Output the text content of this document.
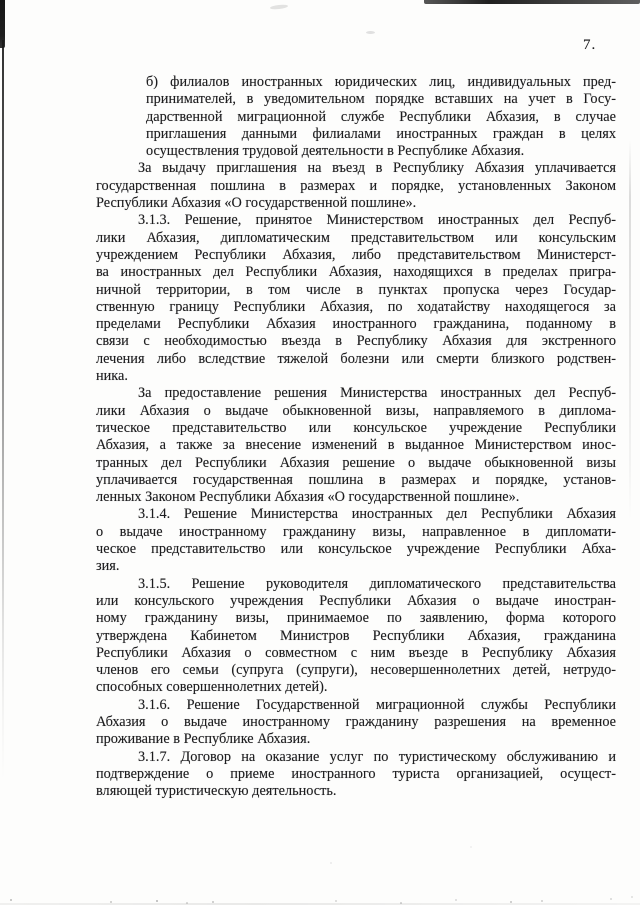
7.
б) филиалов иностранных юридических лиц, индивидуальных пред-
принимателей, в уведомительном порядке вставших на учет в Госу-
дарственной миграционной службе Республики Абхазия, в случае
приглашения данными филиалами иностранных граждан в целях
осуществления трудовой деятельности в Республике Абхазия.
За выдачу приглашения на въезд в Республику Абхазия уплачивается
государственная пошлина в размерах и порядке, установленных Законом
Республики Абхазия «О государственной пошлине».
3.1.3. Решение, принятое Министерством иностранных дел Респуб-
лики Абхазия, дипломатическим представительством или консульским
учреждением Республики Абхазия, либо представительством Министерст-
ва иностранных дел Республики Абхазия, находящихся в пределах пригра-
ничной территории, в том числе в пунктах пропуска через Государ-
ственную границу Республики Абхазия, по ходатайству находящегося за
пределами Республики Абхазия иностранного гражданина, поданному в
связи с необходимостью въезда в Республику Абхазия для экстренного
лечения либо вследствие тяжелой болезни или смерти близкого родствен-
ника.
За предоставление решения Министерства иностранных дел Респуб-
лики Абхазия о выдаче обыкновенной визы, направляемого в диплома-
тическое представительство или консульское учреждение Республики
Абхазия, а также за внесение изменений в выданное Министерством инос-
транных дел Республики Абхазия решение о выдаче обыкновенной визы
уплачивается государственная пошлина в размерах и порядке, установ-
ленных Законом Республики Абхазия «О государственной пошлине».
3.1.4. Решение Министерства иностранных дел Республики Абхазия
о выдаче иностранному гражданину визы, направленное в дипломати-
ческое представительство или консульское учреждение Республики Абха-
зия.
3.1.5. Решение руководителя дипломатического представительства
или консульского учреждения Республики Абхазия о выдаче иностран-
ному гражданину визы, принимаемое по заявлению, форма которого
утверждена Кабинетом Министров Республики Абхазия, гражданина
Республики Абхазия о совместном с ним въезде в Республику Абхазия
членов его семьи (супруга (супруги), несовершеннолетних детей, нетрудо-
способных совершеннолетних детей).
3.1.6. Решение Государственной миграционной службы Республики
Абхазия о выдаче иностранному гражданину разрешения на временное
проживание в Республике Абхазия.
3.1.7. Договор на оказание услуг по туристическому обслуживанию и
подтверждение о приеме иностранного туриста организацией, осущест-
вляющей туристическую деятельность.
